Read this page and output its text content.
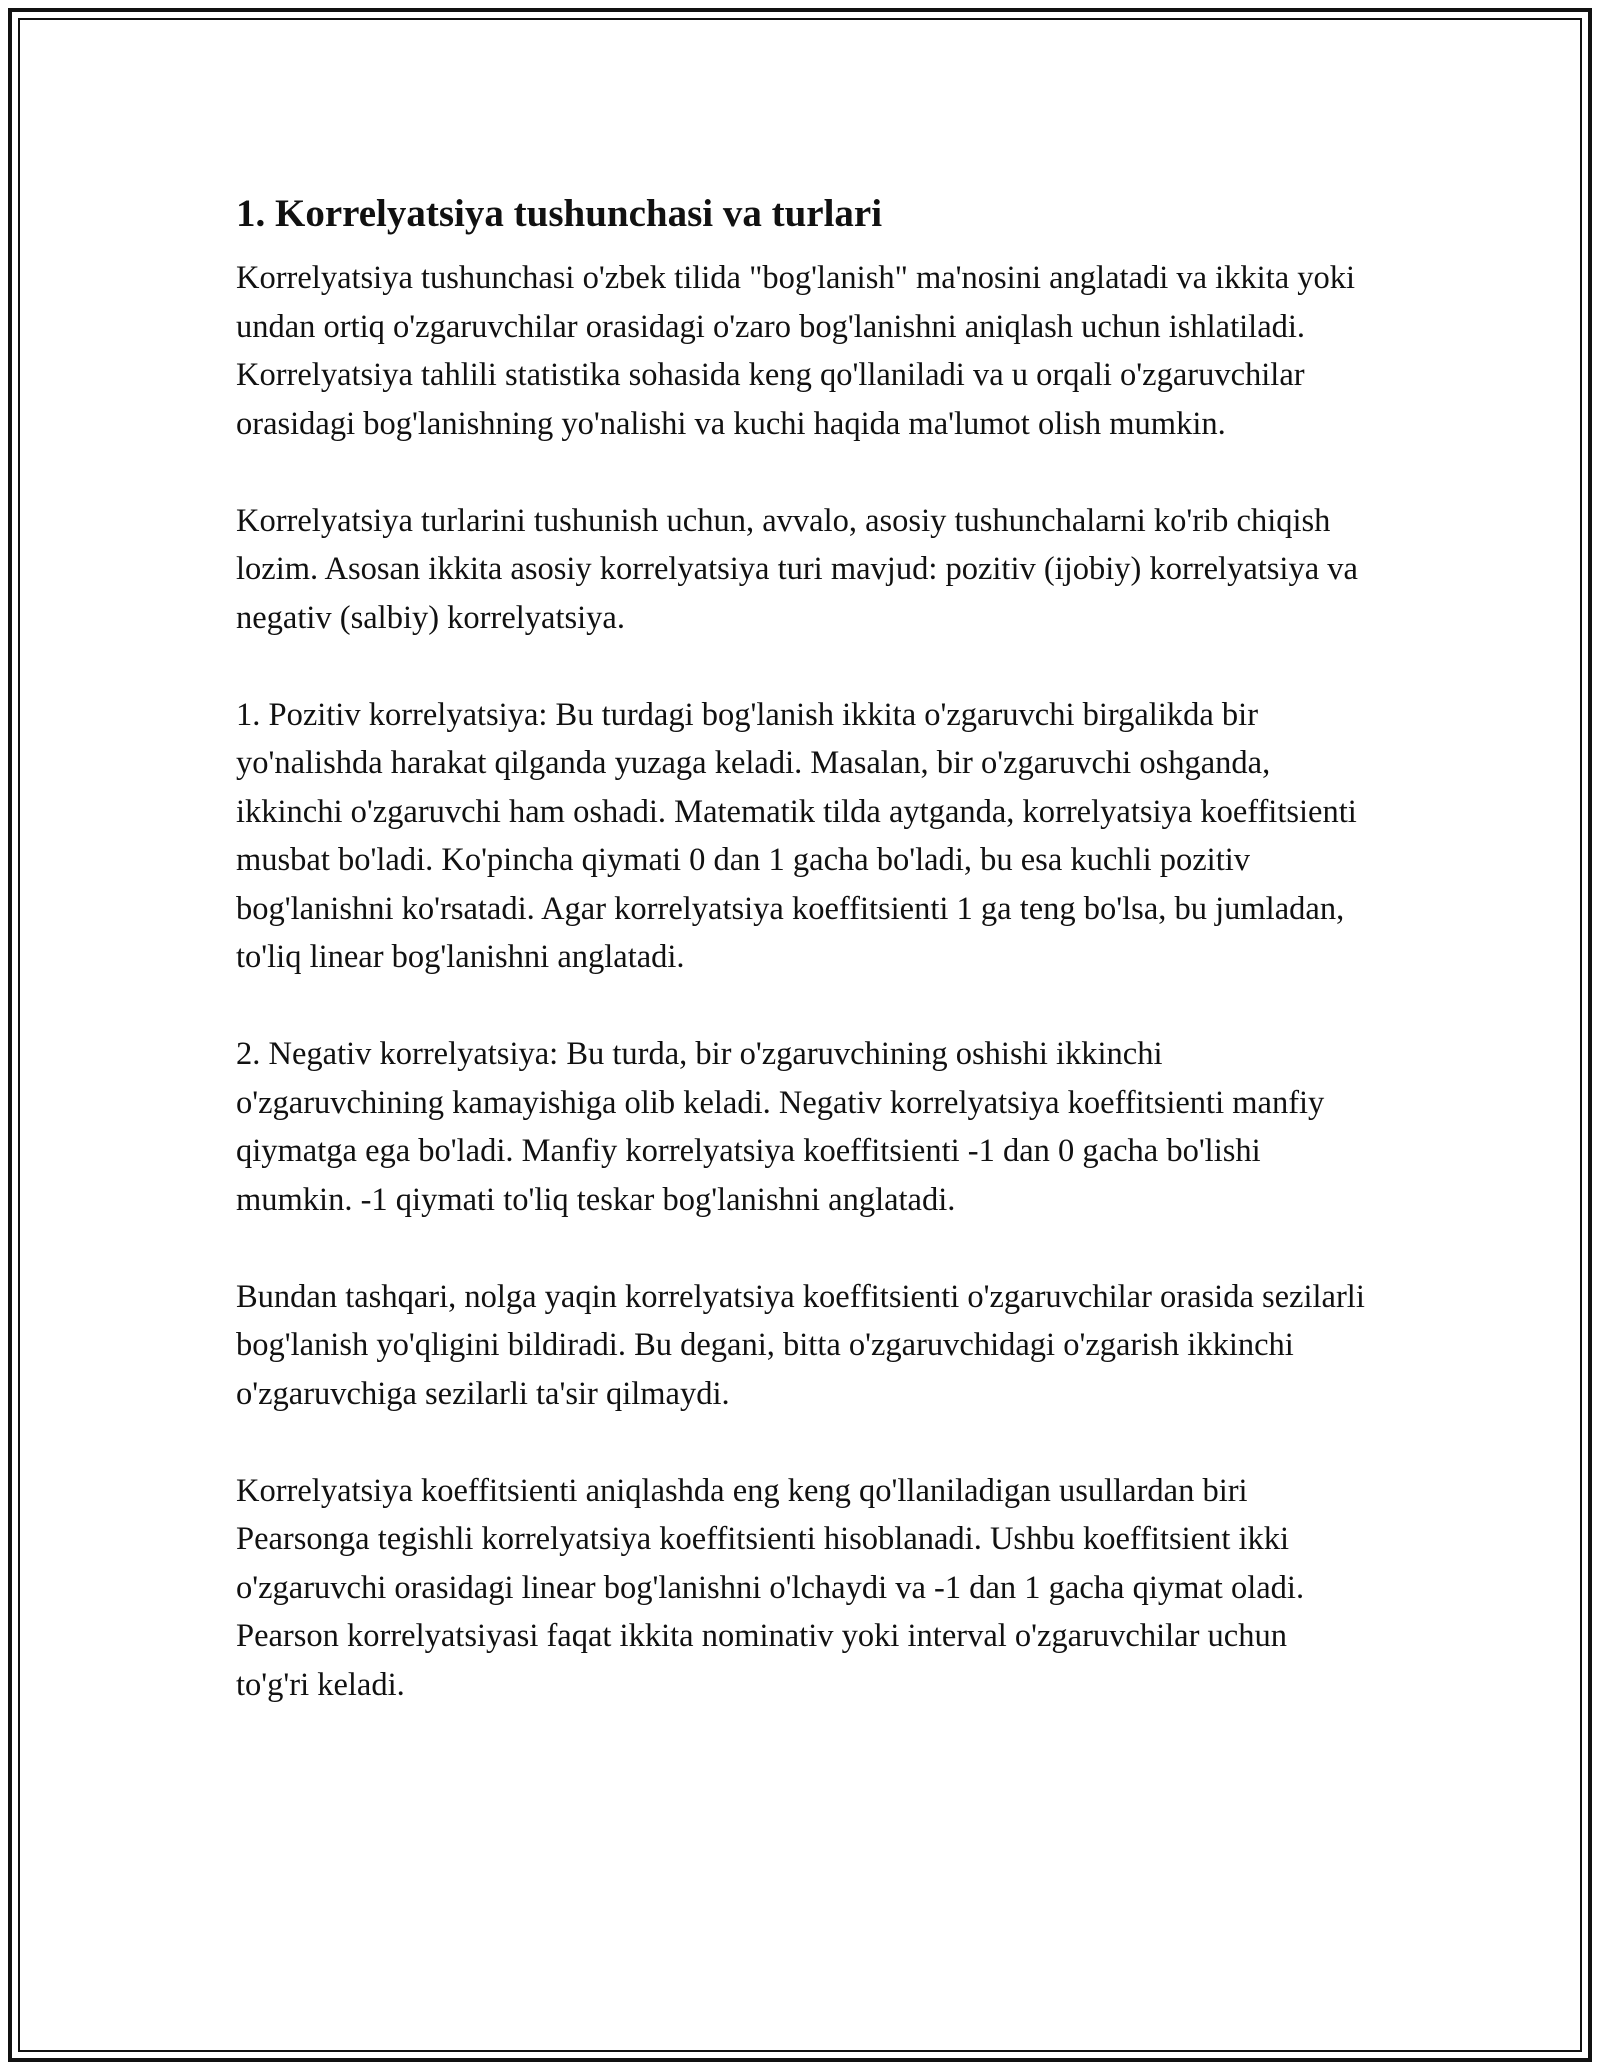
1. Korrelyatsiya tushunchasi va turlari

Korrelyatsiya tushunchasi o'zbek tilida "bog'lanish" ma'nosini anglatadi va ikkita yoki undan ortiq o'zgaruvchilar orasidagi o'zaro bog'lanishni aniqlash uchun ishlatiladi. Korrelyatsiya tahlili statistika sohasida keng qo'llaniladi va u orqali o'zgaruvchilar orasidagi bog'lanishning yo'nalishi va kuchi haqida ma'lumot olish mumkin.

Korrelyatsiya turlarini tushunish uchun, avvalo, asosiy tushunchalarni ko'rib chiqish lozim. Asosan ikkita asosiy korrelyatsiya turi mavjud: pozitiv (ijobiy) korrelyatsiya va negativ (salbiy) korrelyatsiya.

1. Pozitiv korrelyatsiya: Bu turdagi bog'lanish ikkita o'zgaruvchi birgalikda bir yo'nalishda harakat qilganda yuzaga keladi. Masalan, bir o'zgaruvchi oshganda, ikkinchi o'zgaruvchi ham oshadi. Matematik tilda aytganda, korrelyatsiya koeffitsienti musbat bo'ladi. Ko'pincha qiymati 0 dan 1 gacha bo'ladi, bu esa kuchli pozitiv bog'lanishni ko'rsatadi. Agar korrelyatsiya koeffitsienti 1 ga teng bo'lsa, bu jumladan, to'liq linear bog'lanishni anglatadi.

2. Negativ korrelyatsiya: Bu turda, bir o'zgaruvchining oshishi ikkinchi o'zgaruvchining kamayishiga olib keladi. Negativ korrelyatsiya koeffitsienti manfiy qiymatga ega bo'ladi. Manfiy korrelyatsiya koeffitsienti -1 dan 0 gacha bo'lishi mumkin. -1 qiymati to'liq teskar bog'lanishni anglatadi.

Bundan tashqari, nolga yaqin korrelyatsiya koeffitsienti o'zgaruvchilar orasida sezilarli bog'lanish yo'qligini bildiradi. Bu degani, bitta o'zgaruvchidagi o'zgarish ikkinchi o'zgaruvchiga sezilarli ta'sir qilmaydi.

Korrelyatsiya koeffitsienti aniqlashda eng keng qo'llaniladigan usullardan biri Pearsonga tegishli korrelyatsiya koeffitsienti hisoblanadi. Ushbu koeffitsient ikki o'zgaruvchi orasidagi linear bog'lanishni o'lchaydi va -1 dan 1 gacha qiymat oladi. Pearson korrelyatsiyasi faqat ikkita nominativ yoki interval o'zgaruvchilar uchun to'g'ri keladi.
